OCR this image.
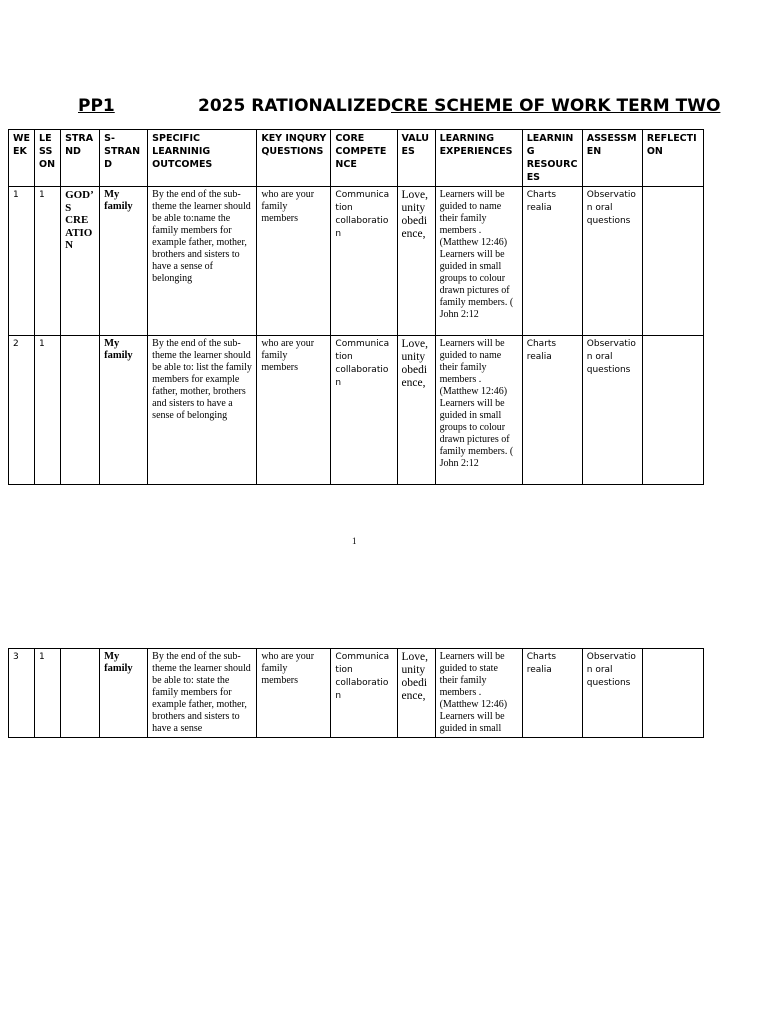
PP1	2025 RATIONALIZED CRE SCHEME OF WORK TERM TWO
WEEK	LESSON	STRAND	S-STRAND	SPECIFIC LEARNINIG OUTCOMES	KEY INQURY QUESTIONS	CORE COMPETENCE	VALUES	LEARNING EXPERIENCES	LEARNING RESOURCES	ASSESSMEN	REFLECTION
1	1	GOD’S CREATION	My family	By the end of the sub-theme the learner should be able to:name the family members for example father, mother, brothers and sisters to have a sense of belonging	who are your family members	Communication collaboration	Love, unity obedience,	Learners will be guided to name their family members .(Matthew 12:46) Learners will be guided in small groups to colour drawn pictures of family members. ( John 2:12	Charts realia	Observation oral questions	
2	1		My family	By the end of the sub-theme the learner should be able to: list the family members for example father, mother, brothers and sisters to have a sense of belonging	who are your family members	Communication collaboration	Love, unity obedience,	Learners will be guided to name their family members .(Matthew 12:46) Learners will be guided in small groups to colour drawn pictures of family members. ( John 2:12	Charts realia	Observation oral questions	
1
3	1		My family	By the end of the sub-theme the learner should be able to: state the family members for example father, mother, brothers and sisters to have a sense	who are your family members	Communication collaboration	Love, unity obedience,	Learners will be guided to state their family members .(Matthew 12:46) Learners will be guided in small	Charts realia	Observation oral questions	
